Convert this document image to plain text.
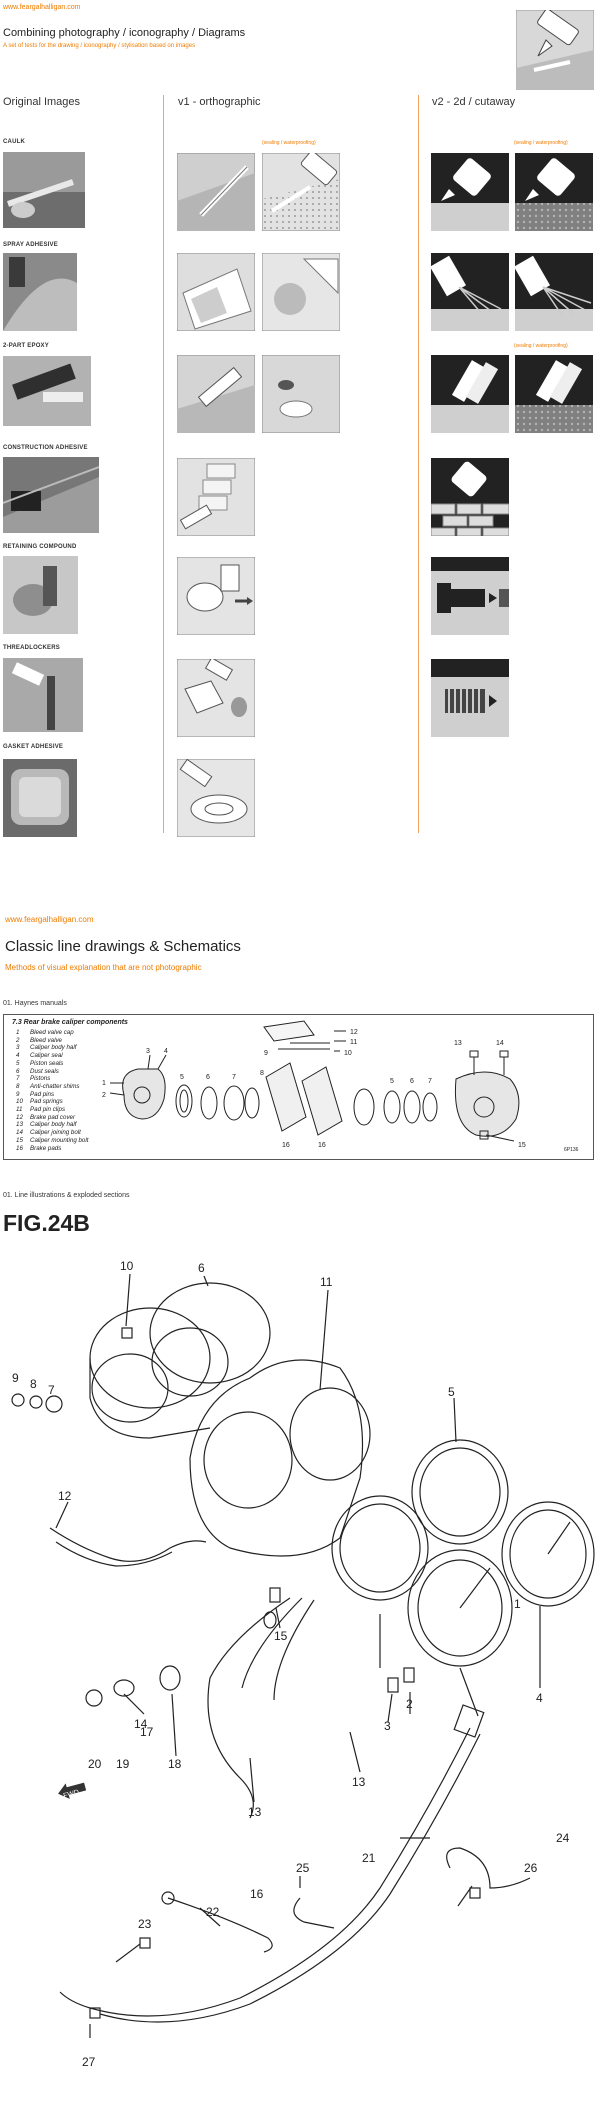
www.feargalhalligan.com
Combining photography / iconography / Diagrams
A set of tests for the drawing / iconography / stylisation based on images
Original Images	v1 - orthographic	v2 - 2d / cutaway
CAULK
SPRAY ADHESIVE
2-PART EPOXY
CONSTRUCTION ADHESIVE
RETAINING COMPOUND
THREADLOCKERS
GASKET ADHESIVE
(sealing / waterproofing)	(sealing / waterproofing)
(sealing / waterproofing)
www.feargalhalligan.com
Classic line drawings & Schematics
Methods of visual explanation that are not photographic
01. Haynes manuals
7.3 Rear brake caliper components
1 Bleed valve cap
2 Bleed valve
3 Caliper body half
4 Caliper seal
5 Piston seals
6 Dust seals
7 Pistons
8 Anti-chatter shims
9 Pad pins
10 Pad springs
11 Pad pin clips
12 Brake pad cover
13 Caliper body half
14 Caliper joining bolt
15 Caliper mounting bolt
16 Brake pads
1
2
3 4
5	6	7
8
9	10
11
12
13	14
15
16	16
5 6 7
6P136
01. Line illustrations & exploded sections
FIG.24B
FWD
1
2
3
4
5
6
7
8
9
10
11
12
13
13
14
15
16
17
18
19
20
21
22
23
24
25	26
27
